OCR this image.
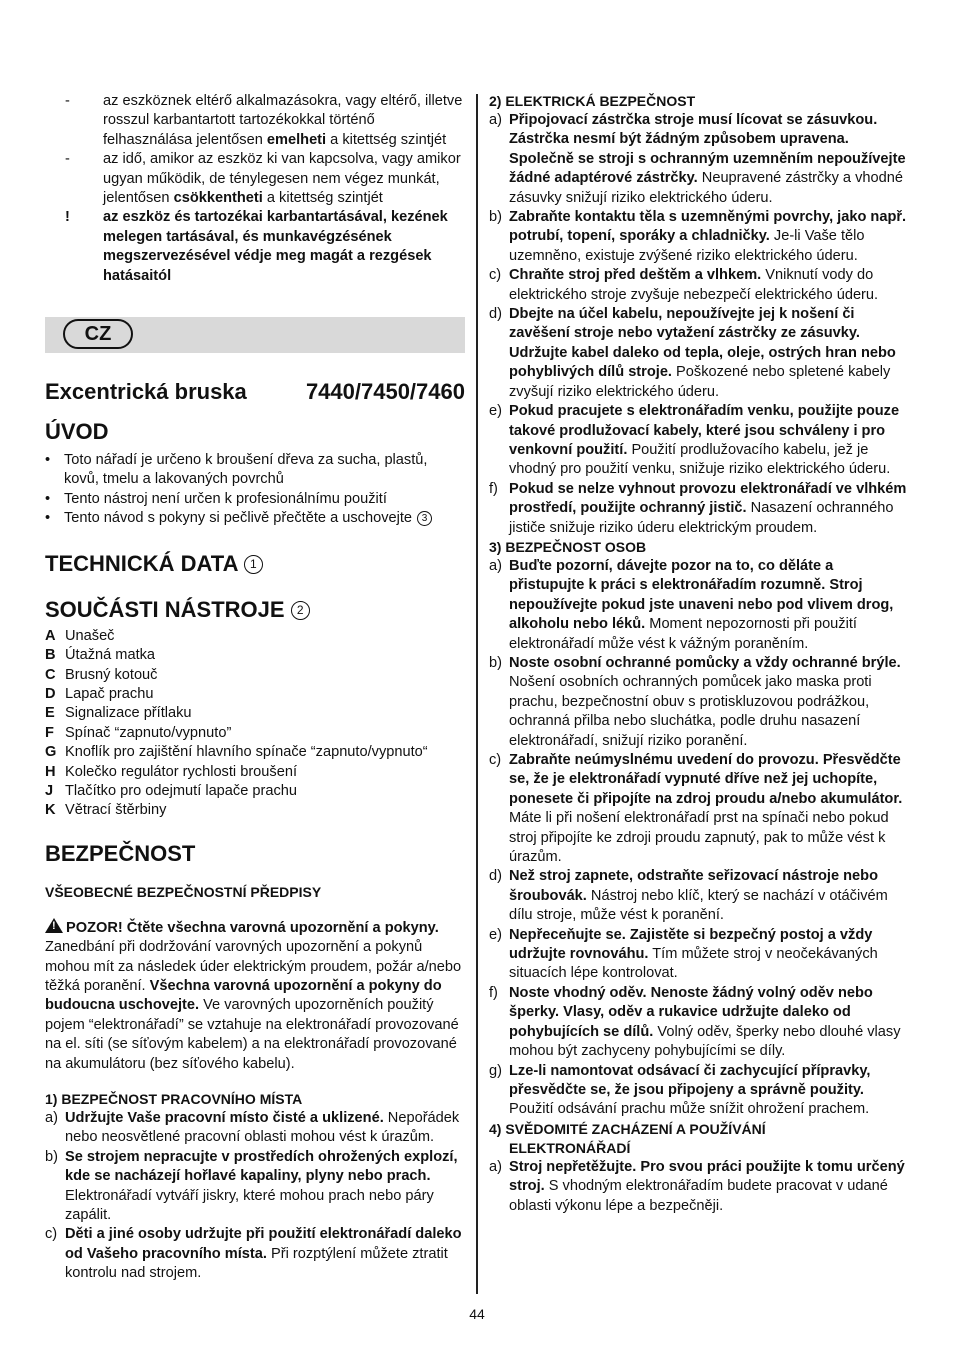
-	az eszköznek eltérő alkalmazásokra, vagy eltérő, illetve rosszul karbantartott tartozékokkal történő felhasználása jelentősen emelheti a kitettség szintjét
-	az idő, amikor az eszköz ki van kapcsolva, vagy amikor ugyan működik, de ténylegesen nem végez munkát, jelentősen csökkentheti a kitettség szintjét
!	az eszköz és tartozékai karbantartásával, kezének melegen tartásával, és munkavégzésének megszervezésével védje meg magát a rezgések hatásaitól
CZ
Excentrická bruska	7440/7450/7460
ÚVOD
• Toto nářadí je určeno k broušení dřeva za sucha, plastů, kovů, tmelu a lakovaných povrchů
• Tento nástroj není určen k profesionálnímu použití
• Tento návod s pokyny si pečlivě přečtěte a uschovejte 3
TECHNICKÁ DATA 1
SOUČÁSTI NÁSTROJE 2
A Unašeč
B Útažná matka
C Brusný kotouč
D Lapač prachu
E Signalizace přítlaku
F Spínač “zapnuto/vypnuto”
G Knoflík pro zajištění hlavního spínače “zapnuto/vypnuto“
H Kolečko regulátor rychlosti broušení
J Tlačítko pro odejmutí lapače prachu
K Větrací štěrbiny
BEZPEČNOST
VŠEOBECNÉ BEZPEČNOSTNÍ PŘEDPISY

!POZOR! Čtěte všechna varovná upozornění a pokyny. Zanedbání při dodržování varovných upozornění a pokynů mohou mít za následek úder elektrickým proudem, požár a/nebo těžká poranění. Všechna varovná upozornění a pokyny do budoucna uschovejte. Ve varovných upozorněních použitý pojem “elektronářadí” se vztahuje na elektronářadí provozované na el. síti (se síťovým kabelem) a na elektronářadí provozované na akumulátoru (bez síťového kabelu).

1) BEZPEČNOST PRACOVNÍHO MÍSTA
a) Udržujte Vaše pracovní místo čisté a uklizené. Nepořádek nebo neosvětlené pracovní oblasti mohou vést k úrazům.
b) Se strojem nepracujte v prostředích ohrožených explozí, kde se nacházejí hořlavé kapaliny, plyny nebo prach. Elektronářadí vytváří jiskry, které mohou prach nebo páry zapálit.
c) Děti a jiné osoby udržujte při použití elektronářadí daleko od Vašeho pracovního místa. Při rozptýlení můžete ztratit kontrolu nad strojem.
2) ELEKTRICKÁ BEZPEČNOST
a) Připojovací zástrčka stroje musí lícovat se zásuvkou. Zástrčka nesmí být žádným způsobem upravena. Společně se stroji s ochranným uzemněním nepoužívejte žádné adaptérové zástrčky. Neupravené zástrčky a vhodné zásuvky snižují riziko elektrického úderu.
b) Zabraňte kontaktu těla s uzemněnými povrchy, jako např. potrubí, topení, sporáky a chladničky. Je-li Vaše tělo uzemněno, existuje zvýšené riziko elektrického úderu.
c) Chraňte stroj před deštěm a vlhkem. Vniknutí vody do elektrického stroje zvyšuje nebezpečí elektrického úderu.
d) Dbejte na účel kabelu, nepoužívejte jej k nošení či zavěšení stroje nebo vytažení zástrčky ze zásuvky. Udržujte kabel daleko od tepla, oleje, ostrých hran nebo pohyblivých dílů stroje. Poškozené nebo spletené kabely zvyšují riziko elektrického úderu.
e) Pokud pracujete s elektronářadím venku, použijte pouze takové prodlužovací kabely, které jsou schváleny i pro venkovní použití. Použití prodlužovacího kabelu, jež je vhodný pro použití venku, snižuje riziko elektrického úderu.
f) Pokud se nelze vyhnout provozu elektronářadí ve vlhkém prostředí, použijte ochranný jistič. Nasazení ochranného jističe snižuje riziko úderu elektrickým proudem.
3) BEZPEČNOST OSOB
a) Buďte pozorní, dávejte pozor na to, co děláte a přistupujte k práci s elektronářadím rozumně. Stroj nepoužívejte pokud jste unaveni nebo pod vlivem drog, alkoholu nebo léků. Moment nepozornosti při použití elektronářadí může vést k vážným poraněním.
b) Noste osobní ochranné pomůcky a vždy ochranné brýle. Nošení osobních ochranných pomůcek jako maska proti prachu, bezpečnostní obuv s protiskluzovou podrážkou, ochranná přilba nebo sluchátka, podle druhu nasazení elektronářadí, snižují riziko poranění.
c) Zabraňte neúmyslnému uvedení do provozu. Přesvědčte se, že je elektronářadí vypnuté dříve než jej uchopíte, ponesete či připojíte na zdroj proudu a/nebo akumulátor. Máte li při nošení elektronářadí prst na spínači nebo pokud stroj připojíte ke zdroji proudu zapnutý, pak to může vést k úrazům.
d) Než stroj zapnete, odstraňte seřizovací nástroje nebo šroubovák. Nástroj nebo klíč, který se nachází v otáčivém dílu stroje, může vést k poranění.
e) Nepřeceňujte se. Zajistěte si bezpečný postoj a vždy udržujte rovnováhu. Tím můžete stroj v neočekávaných situacích lépe kontrolovat.
f) Noste vhodný oděv. Nenoste žádný volný oděv nebo šperky. Vlasy, oděv a rukavice udržujte daleko od pohybujících se dílů. Volný oděv, šperky nebo dlouhé vlasy mohou být zachyceny pohybujícími se díly.
g) Lze-li namontovat odsávací či zachycující přípravky, přesvědčte se, že jsou připojeny a správně použity. Použití odsávání prachu může snížit ohrožení prachem.
4) SVĚDOMITÉ ZACHÁZENÍ A POUŽÍVÁNÍ
ELEKTRONÁŘADÍ
a) Stroj nepřetěžujte. Pro svou práci použijte k tomu určený stroj. S vhodným elektronářadím budete pracovat v udané oblasti výkonu lépe a bezpečněji.
44
